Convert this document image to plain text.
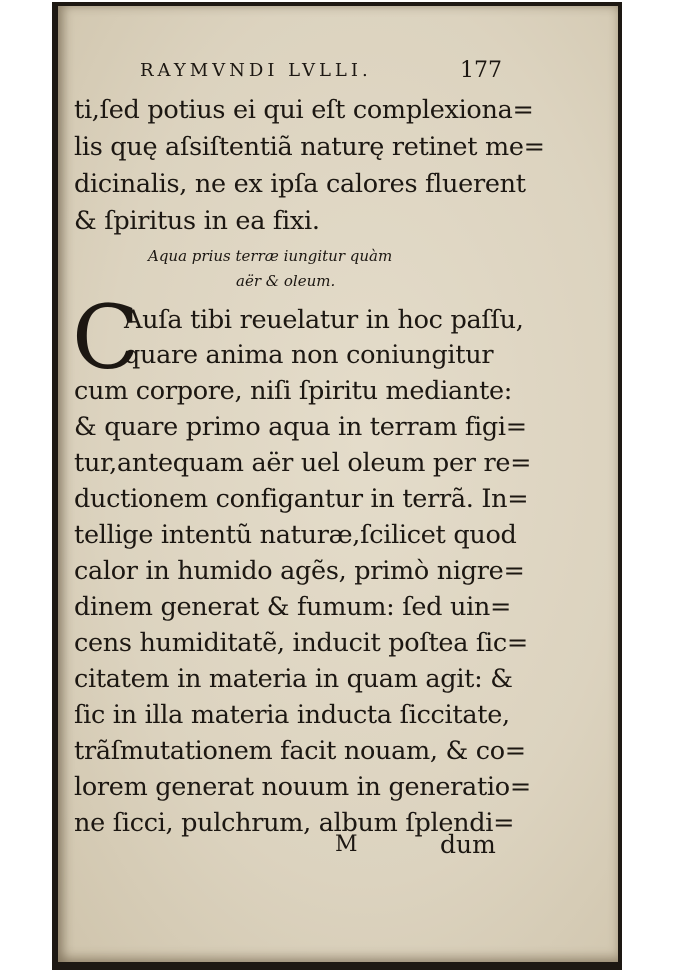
RAYMVNDI LVLLI.	177
ti,ſed potius ei qui eſt complexiona=
lis quę aſsiſtentiã naturę retinet me=
dicinalis, ne ex ipſa calores fluerent
& ſpiritus in ea fixi.
Aqua prius terræ iungitur quàm
aër & oleum.
C
Auſa tibi reuelatur in hoc paſſu,
quare anima non coniungitur
cum corpore, niſi ſpiritu mediante:
& quare primo aqua in terram figi=
tur,antequam aër uel oleum per re=
ductionem configantur in terrã. In=
tellige intentũ naturæ,ſcilicet quod
calor in humido agẽs, primò nigre=
dinem generat & fumum: ſed uin=
cens humiditatẽ, inducit poſtea ſic=
citatem in materia in quam agit: &
ſic in illa materia inducta ſiccitate,
trãſmutationem facit nouam, & co=
lorem generat nouum in generatio=
ne ſicci, pulchrum, album ſplendi=
M	dum
